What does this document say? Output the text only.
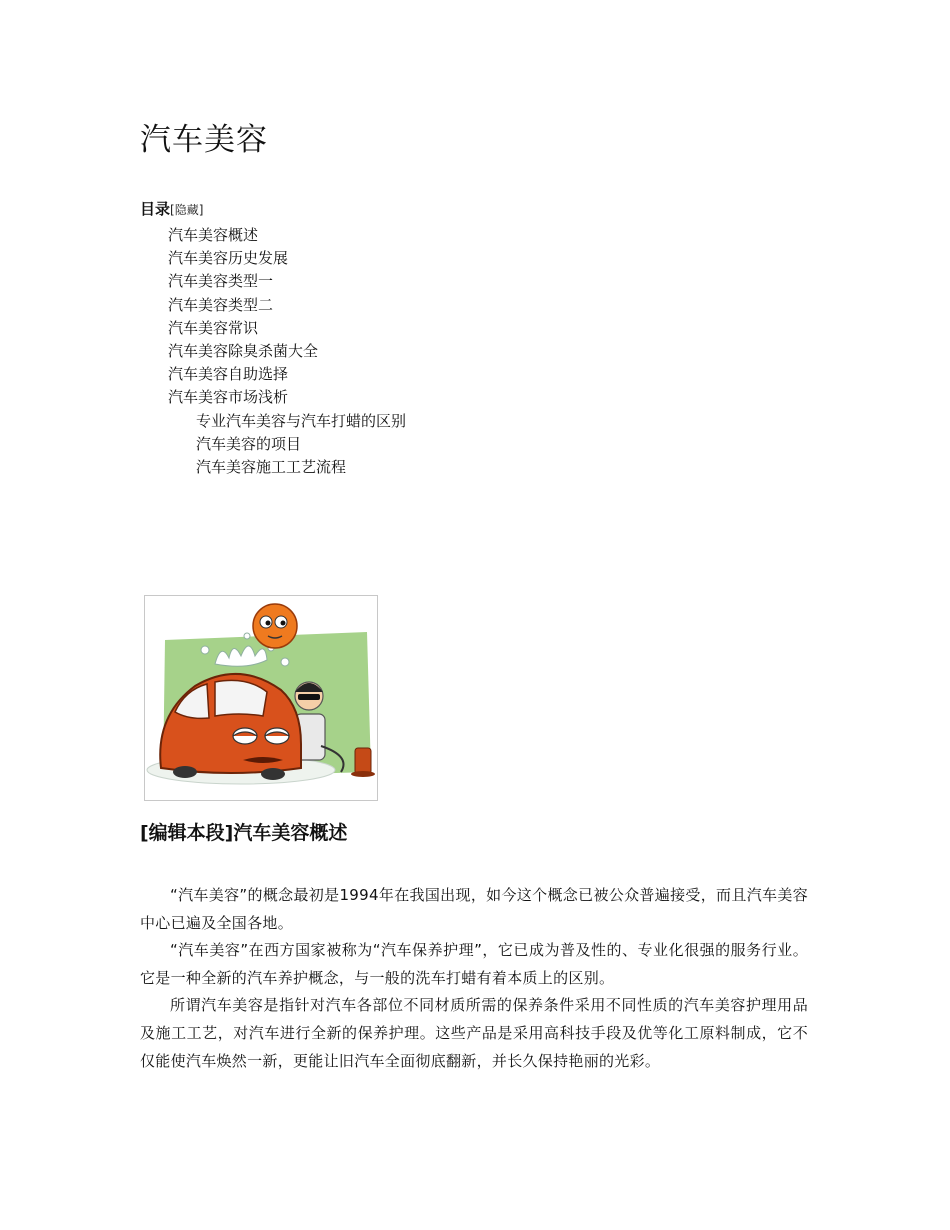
汽车美容
目录[隐藏]
汽车美容概述
汽车美容历史发展
汽车美容类型一
汽车美容类型二
汽车美容常识
汽车美容除臭杀菌大全
汽车美容自助选择
汽车美容市场浅析
专业汽车美容与汽车打蜡的区别
汽车美容的项目
汽车美容施工工艺流程
[编辑本段]汽车美容概述

“汽车美容”的概念最初是1994年在我国出现，如今这个概念已被公众普遍接受，而且汽车美容中心已遍及全国各地。

“汽车美容”在西方国家被称为“汽车保养护理”，它已成为普及性的、专业化很强的服务行业。它是一种全新的汽车养护概念，与一般的洗车打蜡有着本质上的区别。

所谓汽车美容是指针对汽车各部位不同材质所需的保养条件采用不同性质的汽车美容护理用品及施工工艺，对汽车进行全新的保养护理。这些产品是采用高科技手段及优等化工原料制成，它不仅能使汽车焕然一新，更能让旧汽车全面彻底翻新，并长久保持艳丽的光彩。
